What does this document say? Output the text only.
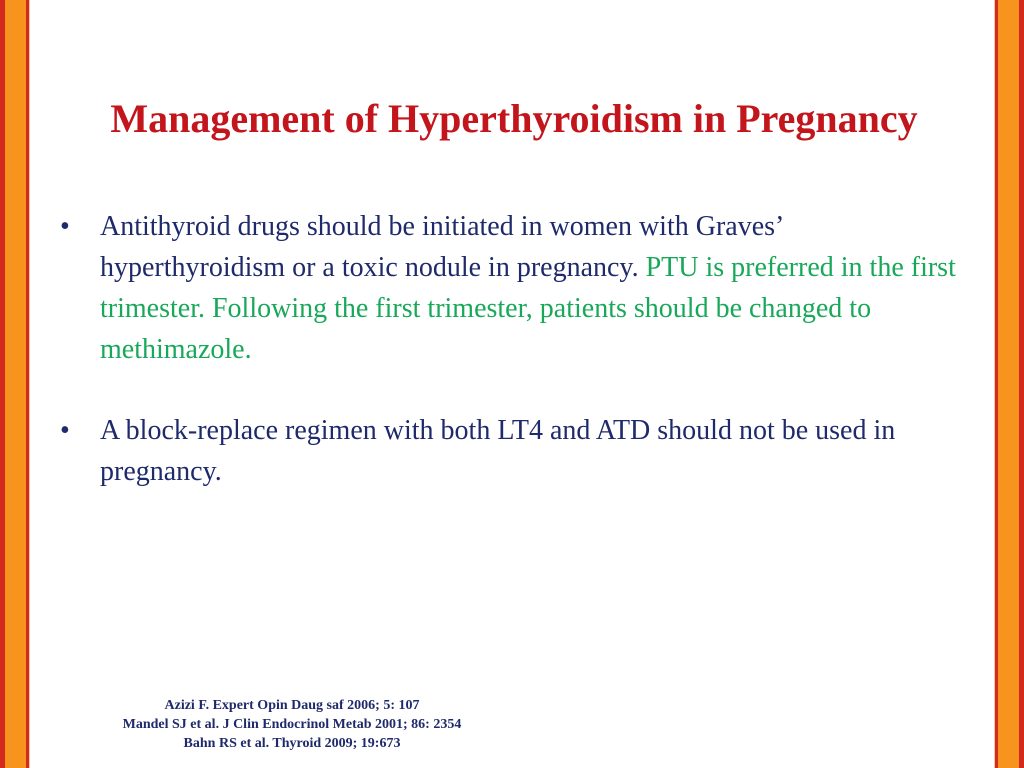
Management of Hyperthyroidism in Pregnancy
• Antithyroid drugs should be initiated in women with Graves’ hyperthyroidism or a toxic nodule in pregnancy. PTU is preferred in the first trimester. Following the first trimester, patients should be changed to methimazole.
• A block-replace regimen with both LT4 and ATD should not be used in pregnancy.
Azizi F. Expert Opin Daug saf 2006; 5: 107
Mandel SJ et al. J Clin Endocrinol Metab 2001; 86: 2354
Bahn RS et al. Thyroid 2009; 19:673
